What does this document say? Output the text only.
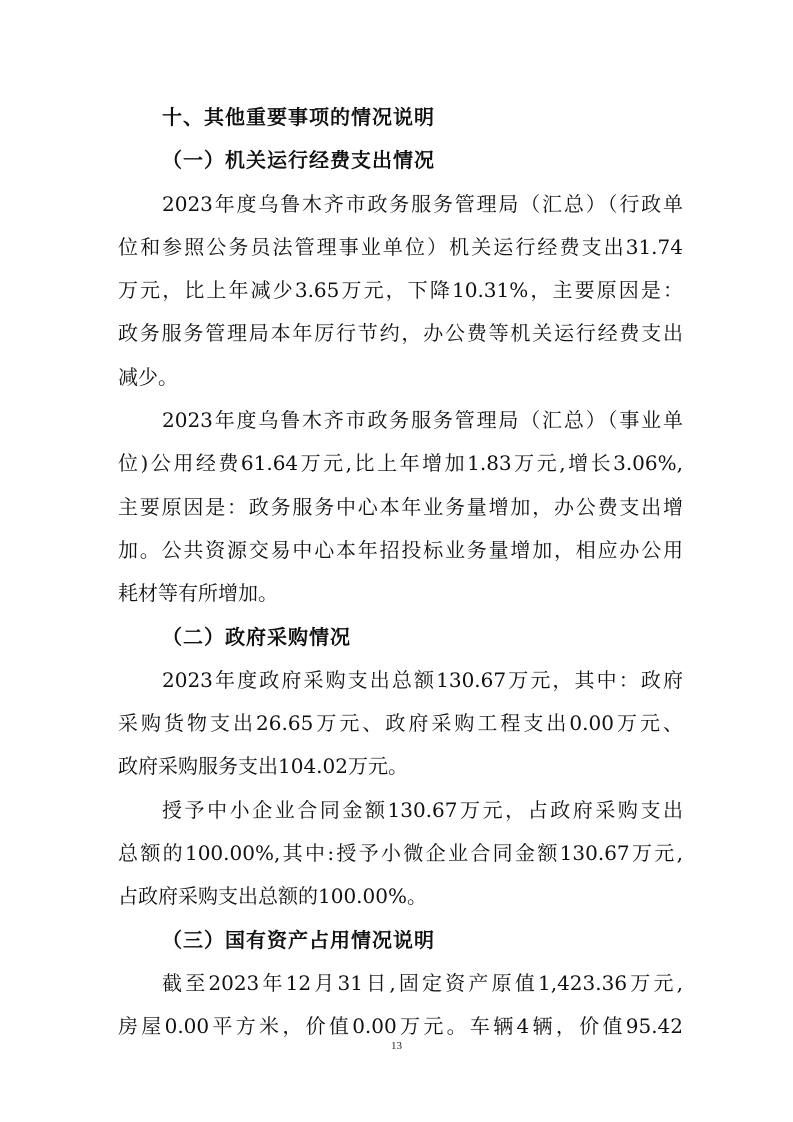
十、其他重要事项的情况说明
（一）机关运行经费支出情况
2023年度乌鲁木齐市政务服务管理局（汇总）（行政单
位和参照公务员法管理事业单位）机关运行经费支出31.74
万元，比上年减少3.65万元，下降10.31%，主要原因是：
政务服务管理局本年厉行节约，办公费等机关运行经费支出
减少。
2023年度乌鲁木齐市政务服务管理局（汇总）（事业单
位)公用经费61.64万元,比上年增加1.83万元,增长3.06%,
主要原因是：政务服务中心本年业务量增加，办公费支出增
加。公共资源交易中心本年招投标业务量增加，相应办公用
耗材等有所增加。
（二）政府采购情况
2023年度政府采购支出总额130.67万元，其中：政府
采购货物支出26.65万元、政府采购工程支出0.00万元、
政府采购服务支出104.02万元。
授予中小企业合同金额130.67万元，占政府采购支出
总额的100.00%,其中:授予小微企业合同金额130.67万元,
占政府采购支出总额的100.00%。
（三）国有资产占用情况说明
截至2023年12月31日,固定资产原值1,423.36万元,
房屋0.00平方米，价值0.00万元。车辆4辆，价值95.42
13
